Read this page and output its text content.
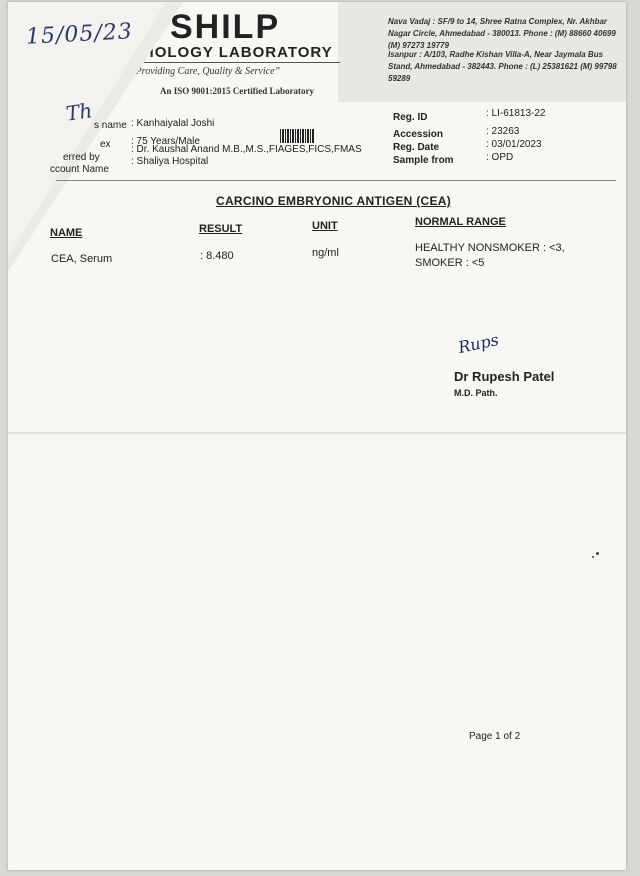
SHILP
ATHOLOGY LABORATORY
“Providing Care, Quality & Service”
An ISO 9001:2015 Certified Laboratory
Nava Vadaj : SF/9 to 14, Shree Ratna Complex, Nr. Akhbar Nagar Circle, Ahmedabad - 380013. Phone : (M) 88660 40699 (M) 97273 19779
Isanpur : A/103, Radhe Kishan Villa-A, Near Jaymala Bus Stand, Ahmedabad - 382443. Phone : (L) 25381621 (M) 99798 59289
15/05/23
Th s name : Kanhaiyalal Joshi
ex : 75 Years/Male
erred by
: Dr. Kaushal Anand M.B.,M.S.,FIAGES,FICS,FMAS
ccount Name
: Shaliya Hospital
Reg. ID	: LI-61813-22
Accession	: 23263
Reg. Date	: 03/01/2023
Sample from	: OPD
CARCINO EMBRYONIC ANTIGEN (CEA)
NAME	RESULT	UNIT	NORMAL RANGE
CEA, Serum	: 8.480	ng/ml	HEALTHY NONSMOKER : <3,
SMOKER : <5
Rups
Dr Rupesh Patel
M.D. Path.
Page 1 of 2
